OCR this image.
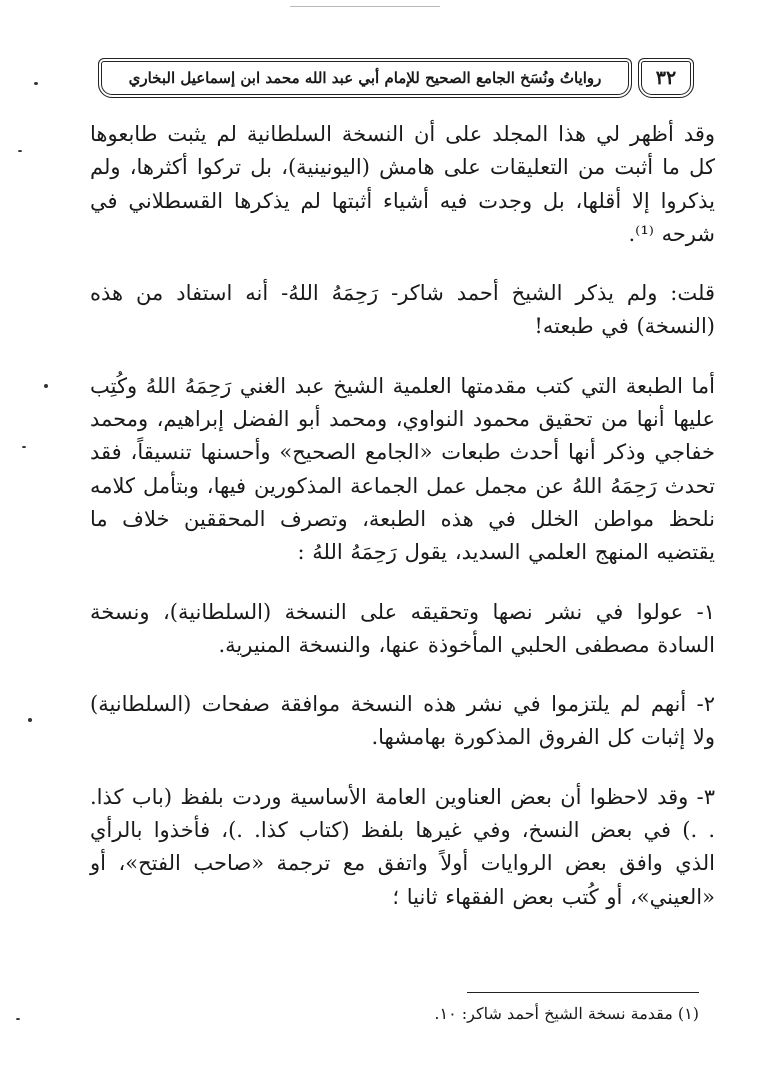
٣٢
رواياتُ ونُسَخ الجامع الصحيح للإمام أبي عبد الله محمد ابن إسماعيل البخاري

وقد أظهر لي هذا المجلد على أن النسخة السلطانية لم يثبت طابعوها كل ما أثبت من التعليقات على هامش (اليونينية)، بل تركوا أكثرها، ولم يذكروا إلا أقلها، بل وجدت فيه أشياء أثبتها لم يذكرها القسطلاني في شرحه ⁽¹⁾.

قلت: ولم يذكر الشيخ أحمد شاكر- رَحِمَهُ اللهُ- أنه استفاد من هذه (النسخة) في طبعته!

أما الطبعة التي كتب مقدمتها العلمية الشيخ عبد الغني رَحِمَهُ اللهُ وكُتِب عليها أنها من تحقيق محمود النواوي، ومحمد أبو الفضل إبراهيم، ومحمد خفاجي وذكر أنها أحدث طبعات «الجامع الصحيح» وأحسنها تنسيقاً، فقد تحدث رَحِمَهُ اللهُ عن مجمل عمل الجماعة المذكورين فيها، وبتأمل كلامه نلحظ مواطن الخلل في هذه الطبعة، وتصرف المحققين خلاف ما يقتضيه المنهج العلمي السديد، يقول رَحِمَهُ اللهُ :

١- عولوا في نشر نصها وتحقيقه على النسخة (السلطانية)، ونسخة السادة مصطفى الحلبي المأخوذة عنها، والنسخة المنيرية.

٢- أنهم لم يلتزموا في نشر هذه النسخة موافقة صفحات (السلطانية) ولا إثبات كل الفروق المذكورة بهامشها.

٣- وقد لاحظوا أن بعض العناوين العامة الأساسية وردت بلفظ (باب كذا. . .) في بعض النسخ، وفي غيرها بلفظ (كتاب كذا. .)، فأخذوا بالرأي الذي وافق بعض الروايات أولاً واتفق مع ترجمة «صاحب الفتح»، أو «العيني»، أو كُتب بعض الفقهاء ثانيا ؛

(١) مقدمة نسخة الشيخ أحمد شاكر: ١٠.
